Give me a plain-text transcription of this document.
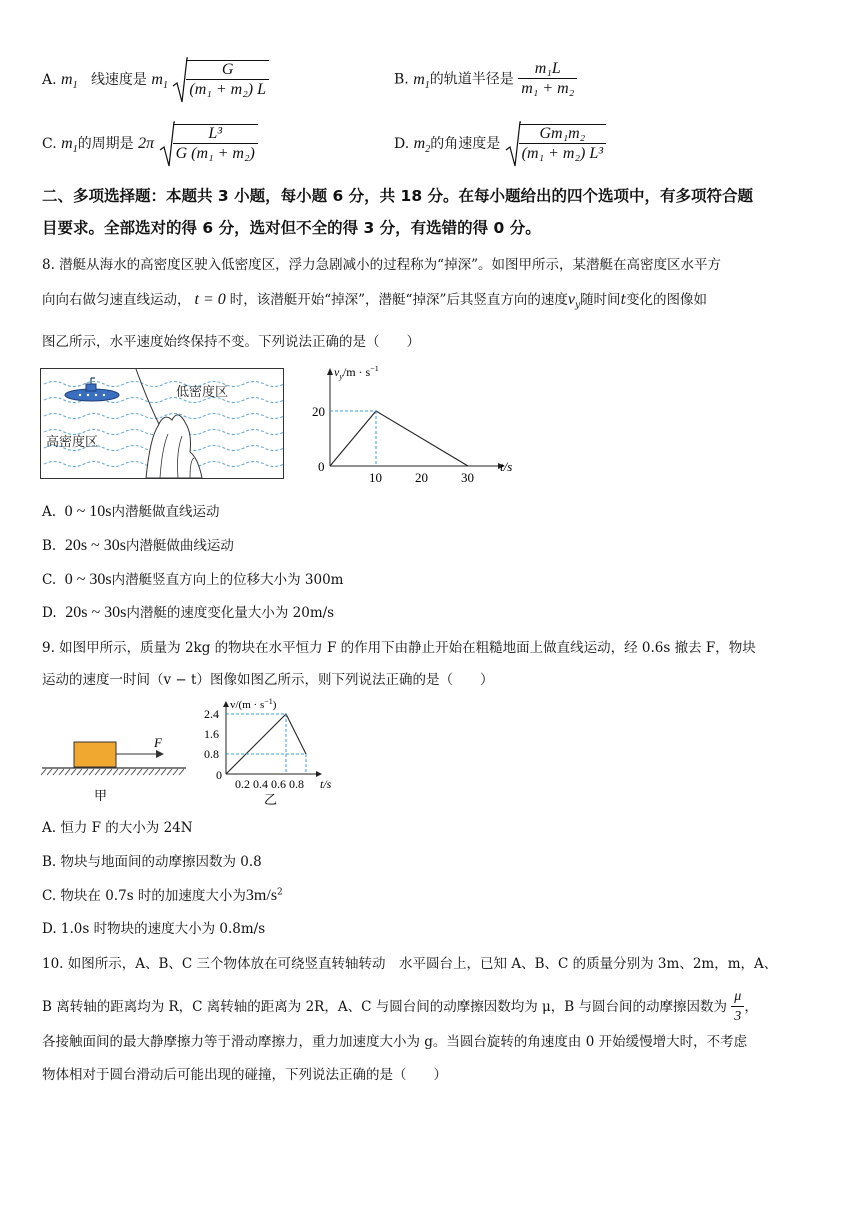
A. $m_1$ 线速度是 $m_1 \frac{G}{\text{(m₁ + m₂) L}}$	B. $m_1$的轨道半径是 $\frac{\text{m₁L}}{\text{m₁ + m₂}}$
C. $m_1$的周期是 $2\pi \frac{\text{L³}}{\text{G (m₁ + m₂)}}$	D. $m_2$的角速度是 $\frac{\text{Gm₁m₂}}{\text{(m₁ + m₂) L³}}$
二、多项选择题：本题共 3 小题，每小题 6 分，共 18 分。在每小题给出的四个选项中，有多项符合题
目要求。全部选对的得 6 分，选对但不全的得 3 分，有选错的得 0 分。
8. 潜艇从海水的高密度区驶入低密度区，浮力急剧减小的过程称为“掉深”。如图甲所示，某潜艇在高密度区水平方
向向右做匀速直线运动， t = 0 时，该潜艇开始“掉深”，潜艇“掉深”后其竖直方向的速度$v_y$随时间t变化的图像如
图乙所示，水平速度始终保持不变。下列说法正确的是（　　）
低密度区
高密度区
20
0
10	20	30
t/s
$v_y/m \cdot s^{-1}$
A. 0 ~ 10s内潜艇做直线运动
B. 20s ~ 30s内潜艇做曲线运动
C. 0 ~ 30s内潜艇竖直方向上的位移大小为 300m
D. 20s ~ 30s内潜艇的速度变化量大小为 20m/s
9. 如图甲所示，质量为 2kg 的物块在水平恒力 F 的作用下由静止开始在粗糙地面上做直线运动，经 0.6s 撤去 F，物块
运动的速度一时间（v − t）图像如图乙所示，则下列说法正确的是（　　）
F
甲
2.4
1.6
0.8
0
0.2 0.4 0.6 0.8 t/s
$v/(m \cdot s^{-1})$
乙
A. 恒力 F 的大小为 24N
B. 物块与地面间的动摩擦因数为 0.8
C. 物块在 0.7s 时的加速度大小为$3m/s^2$
D. 1.0s 时物块的速度大小为 0.8m/s
10. 如图所示，A、B、C 三个物体放在可绕竖直转轴转动　水平圆台上，已知 A、B、C 的质量分别为 3m、2m，m，A、
B 离转轴的距离均为 R，C 离转轴的距离为 2R，A、C 与圆台间的动摩擦因数均为 μ，B 与圆台间的动摩擦因数为 $\frac{\mu}{3}$ ，
各接触面间的最大静摩擦力等于滑动摩擦力，重力加速度大小为 g。当圆台旋转的角速度由 0 开始缓慢增大时，不考虑
物体相对于圆台滑动后可能出现的碰撞，下列说法正确的是（　　）
